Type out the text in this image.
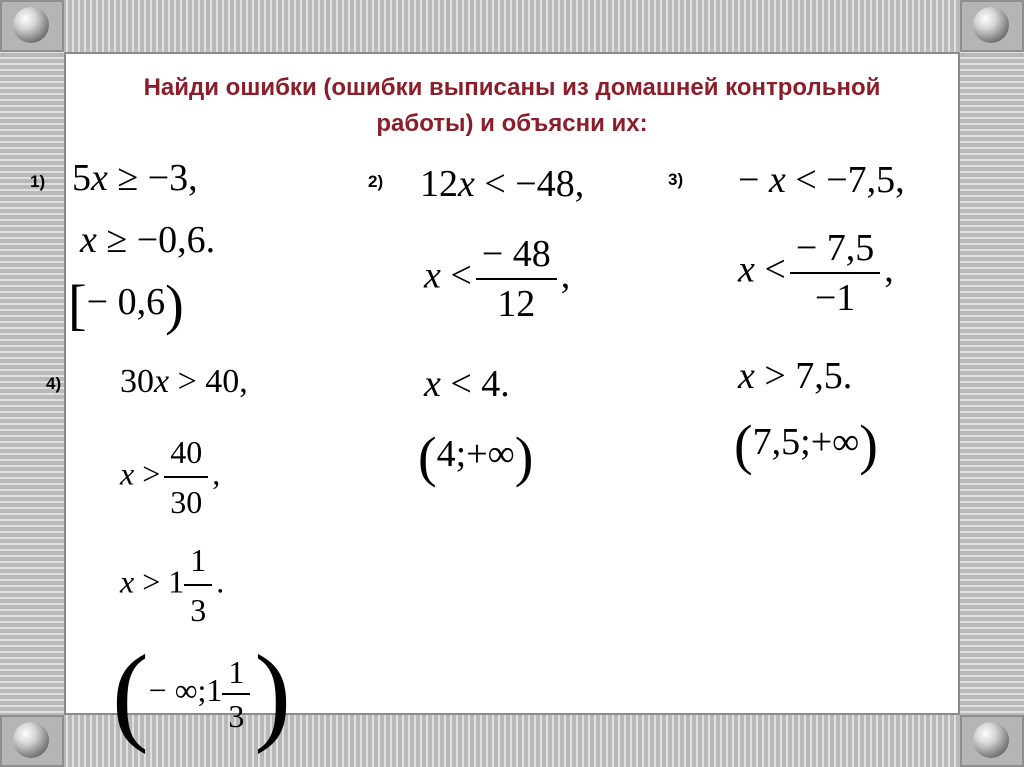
Найди ошибки (ошибки выписаны из домашней контрольной
работы) и объясни их:
1) 5x ≥ −3,
x ≥ −0,6.
[− 0,6)
2) 12x < −48,
$x < \frac{- 48}{12}$ ,
x < 4.
(4;+∞)
3) − x < −7,5,
$x < \frac{- 7,5}{-1}$ ,
x > 7,5.
(7,5;+∞)
4) 30x > 40,
$x > \frac{40}{30}$ ,
$x > 1 \frac{1}{3}$ .
(− ∞;1 $\frac{1}{3}$ )
